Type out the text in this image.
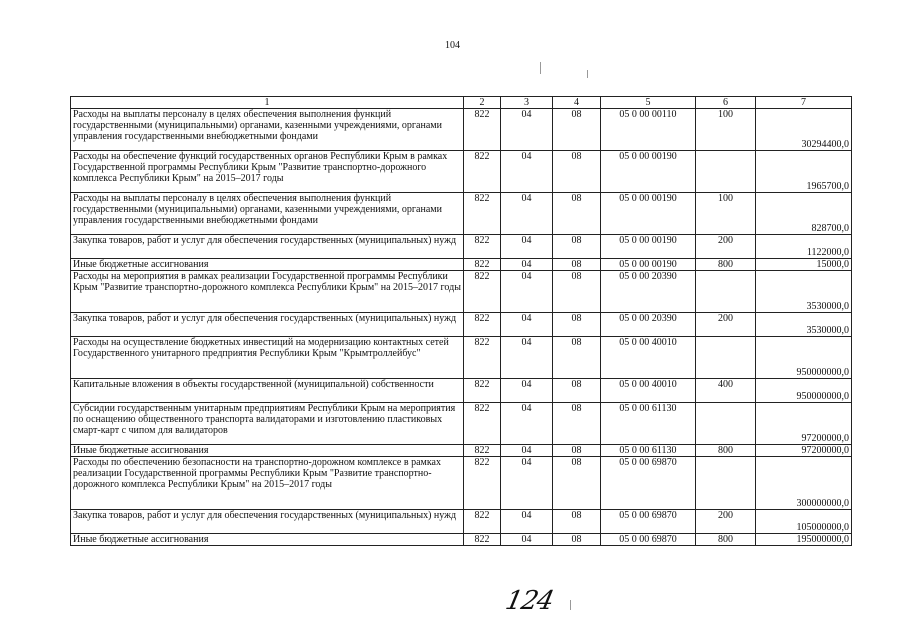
104
1	2	3	4	5	6	7
Расходы на выплаты персоналу в целях обеспечения выполнения функций государственными (муниципальными) органами, казенными учреждениями, органами управления государственными внебюджетными фондами	822	04	08	05 0 00 00110	100	30294400,0
Расходы на обеспечение функций государственных органов Республики Крым в рамках Государственной программы Республики Крым "Развитие транспортно-дорожного комплекса Республики Крым" на 2015–2017 годы	822	04	08	05 0 00 00190		1965700,0
Расходы на выплаты персоналу в целях обеспечения выполнения функций государственными (муниципальными) органами, казенными учреждениями, органами управления государственными внебюджетными фондами	822	04	08	05 0 00 00190	100	828700,0
Закупка товаров, работ и услуг для обеспечения государственных (муниципальных) нужд	822	04	08	05 0 00 00190	200	1122000,0
Иные бюджетные ассигнования	822	04	08	05 0 00 00190	800	15000,0
Расходы на мероприятия в рамках реализации Государственной программы Республики Крым "Развитие транспортно-дорожного комплекса Республики Крым" на 2015–2017 годы	822	04	08	05 0 00 20390		3530000,0
Закупка товаров, работ и услуг для обеспечения государственных (муниципальных) нужд	822	04	08	05 0 00 20390	200	3530000,0
Расходы на осуществление бюджетных инвестиций на модернизацию контактных сетей Государственного унитарного предприятия Республики Крым "Крымтроллейбус"	822	04	08	05 0 00 40010		950000000,0
Капитальные вложения в объекты государственной (муниципальной) собственности	822	04	08	05 0 00 40010	400	950000000,0
Субсидии государственным унитарным предприятиям Республики Крым на мероприятия по оснащению общественного транспорта валидаторами и изготовлению пластиковых смарт-карт с чипом для валидаторов	822	04	08	05 0 00 61130		97200000,0
Иные бюджетные ассигнования	822	04	08	05 0 00 61130	800	97200000,0
Расходы по обеспечению безопасности на транспортно-дорожном комплексе в рамках реализации Государственной программы Республики Крым "Развитие транспортно-дорожного комплекса Республики Крым" на 2015–2017 годы	822	04	08	05 0 00 69870		300000000,0
Закупка товаров, работ и услуг для обеспечения государственных (муниципальных) нужд	822	04	08	05 0 00 69870	200	105000000,0
Иные бюджетные ассигнования	822	04	08	05 0 00 69870	800	195000000,0
124
